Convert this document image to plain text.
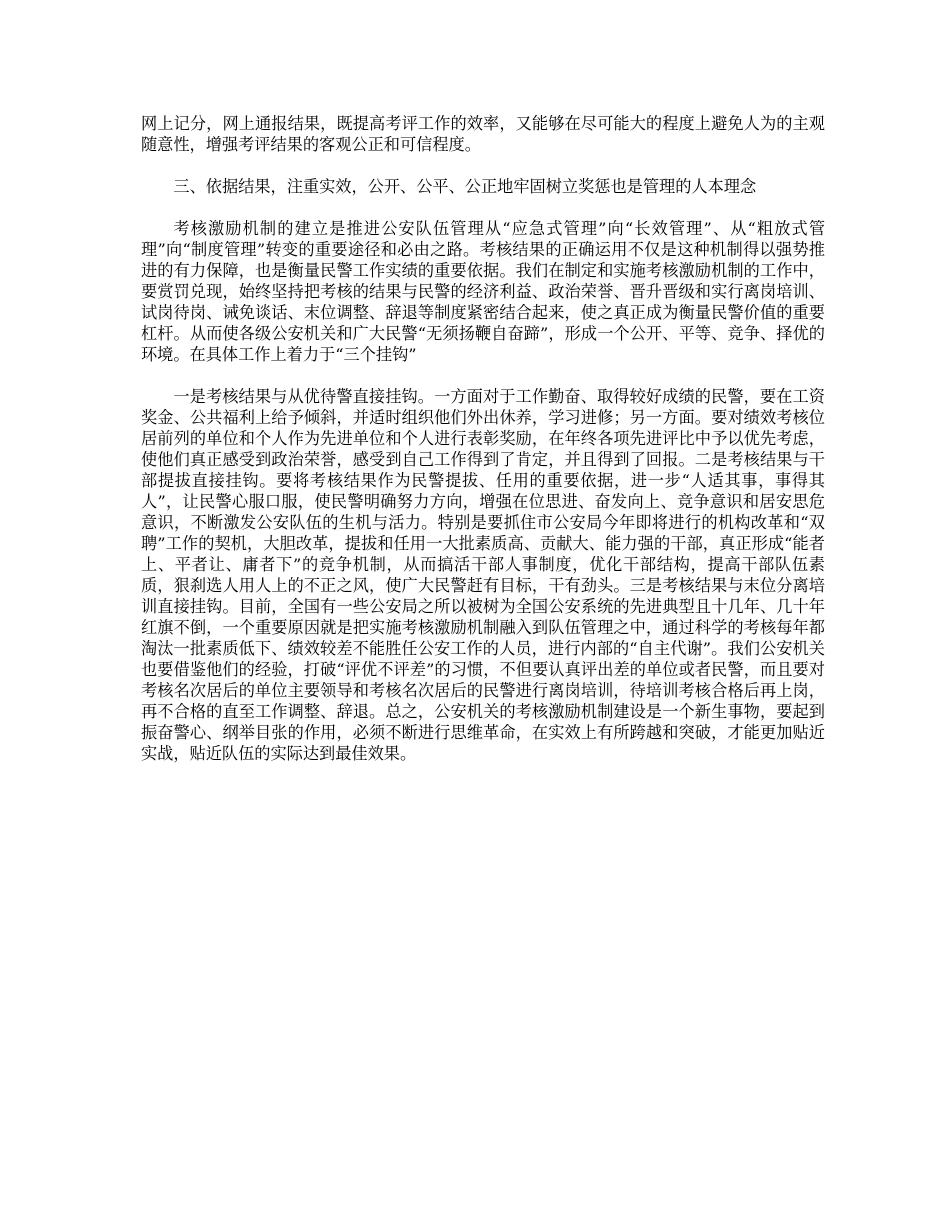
网上记分，网上通报结果，既提高考评工作的效率，又能够在尽可能大的程度上避免人为的主观随意性，增强考评结果的客观公正和可信程度。

三、依据结果，注重实效，公开、公平、公正地牢固树立奖惩也是管理的人本理念

考核激励机制的建立是推进公安队伍管理从“应急式管理”向“长效管理”、从“粗放式管理”向“制度管理”转变的重要途径和必由之路。考核结果的正确运用不仅是这种机制得以强势推进的有力保障，也是衡量民警工作实绩的重要依据。我们在制定和实施考核激励机制的工作中，要赏罚兑现，始终坚持把考核的结果与民警的经济利益、政治荣誉、晋升晋级和实行离岗培训、试岗待岗、诫免谈话、末位调整、辞退等制度紧密结合起来，使之真正成为衡量民警价值的重要杠杆。从而使各级公安机关和广大民警“无须扬鞭自奋蹄”，形成一个公开、平等、竞争、择优的环境。在具体工作上着力于“三个挂钩”

一是考核结果与从优待警直接挂钩。一方面对于工作勤奋、取得较好成绩的民警，要在工资奖金、公共福利上给予倾斜，并适时组织他们外出休养，学习进修；另一方面。要对绩效考核位居前列的单位和个人作为先进单位和个人进行表彰奖励，在年终各项先进评比中予以优先考虑，使他们真正感受到政治荣誉，感受到自己工作得到了肯定，并且得到了回报。二是考核结果与干部提拔直接挂钩。要将考核结果作为民警提拔、任用的重要依据，进一步“人适其事，事得其人”，让民警心服口服，使民警明确努力方向，增强在位思进、奋发向上、竞争意识和居安思危意识，不断激发公安队伍的生机与活力。特别是要抓住市公安局今年即将进行的机构改革和“双聘”工作的契机，大胆改革，提拔和任用一大批素质高、贡献大、能力强的干部，真正形成“能者上、平者让、庸者下”的竞争机制，从而搞活干部人事制度，优化干部结构，提高干部队伍素质，狠刹选人用人上的不正之风，使广大民警赶有目标，干有劲头。三是考核结果与末位分离培训直接挂钩。目前，全国有一些公安局之所以被树为全国公安系统的先进典型且十几年、几十年红旗不倒，一个重要原因就是把实施考核激励机制融入到队伍管理之中，通过科学的考核每年都淘汰一批素质低下、绩效较差不能胜任公安工作的人员，进行内部的“自主代谢”。我们公安机关也要借鉴他们的经验，打破“评优不评差”的习惯，不但要认真评出差的单位或者民警，而且要对考核名次居后的单位主要领导和考核名次居后的民警进行离岗培训，待培训考核合格后再上岗，再不合格的直至工作调整、辞退。总之，公安机关的考核激励机制建设是一个新生事物，要起到振奋警心、纲举目张的作用，必须不断进行思维革命，在实效上有所跨越和突破，才能更加贴近实战，贴近队伍的实际达到最佳效果。
